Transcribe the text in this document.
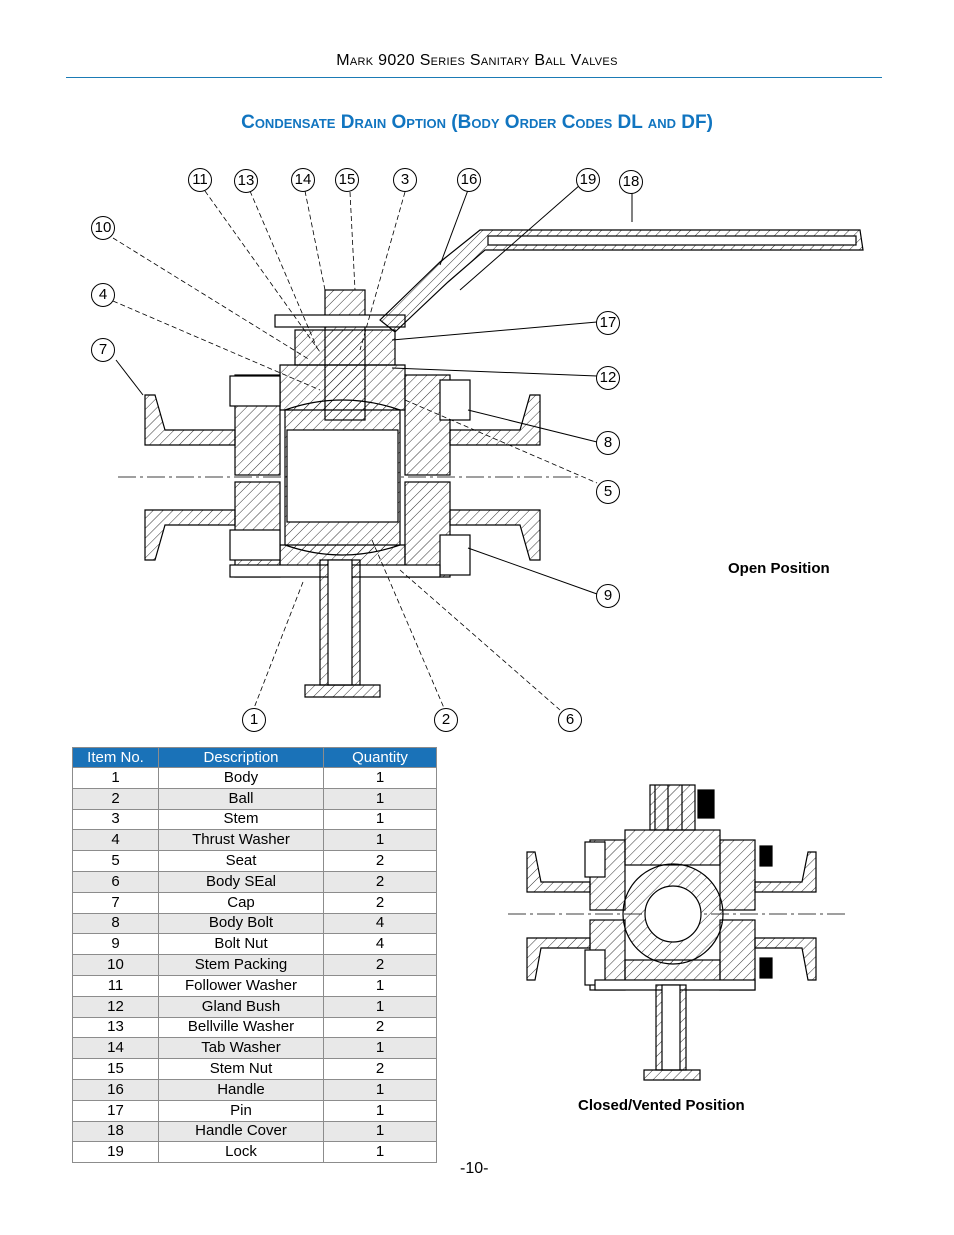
Mark 9020 Series Sanitary Ball Valves
Condensate Drain Option (Body Order Codes DL and DF)
11 13	14 15	3	16	19 18
10
4
7
17
12
8
5
9
1	2	6
Open Position
Closed/Vented Position
Item No.	Description	Quantity
1	Body	1
2	Ball	1
3	Stem	1
4	Thrust Washer	1
5	Seat	2
6	Body SEal	2
7	Cap	2
8	Body Bolt	4
9	Bolt Nut	4
10	Stem Packing	2
11	Follower Washer	1
12	Gland Bush	1
13	Bellville Washer	2
14	Tab Washer	1
15	Stem Nut	2
16	Handle	1
17	Pin	1
18	Handle Cover	1
19	Lock	1
-10-
